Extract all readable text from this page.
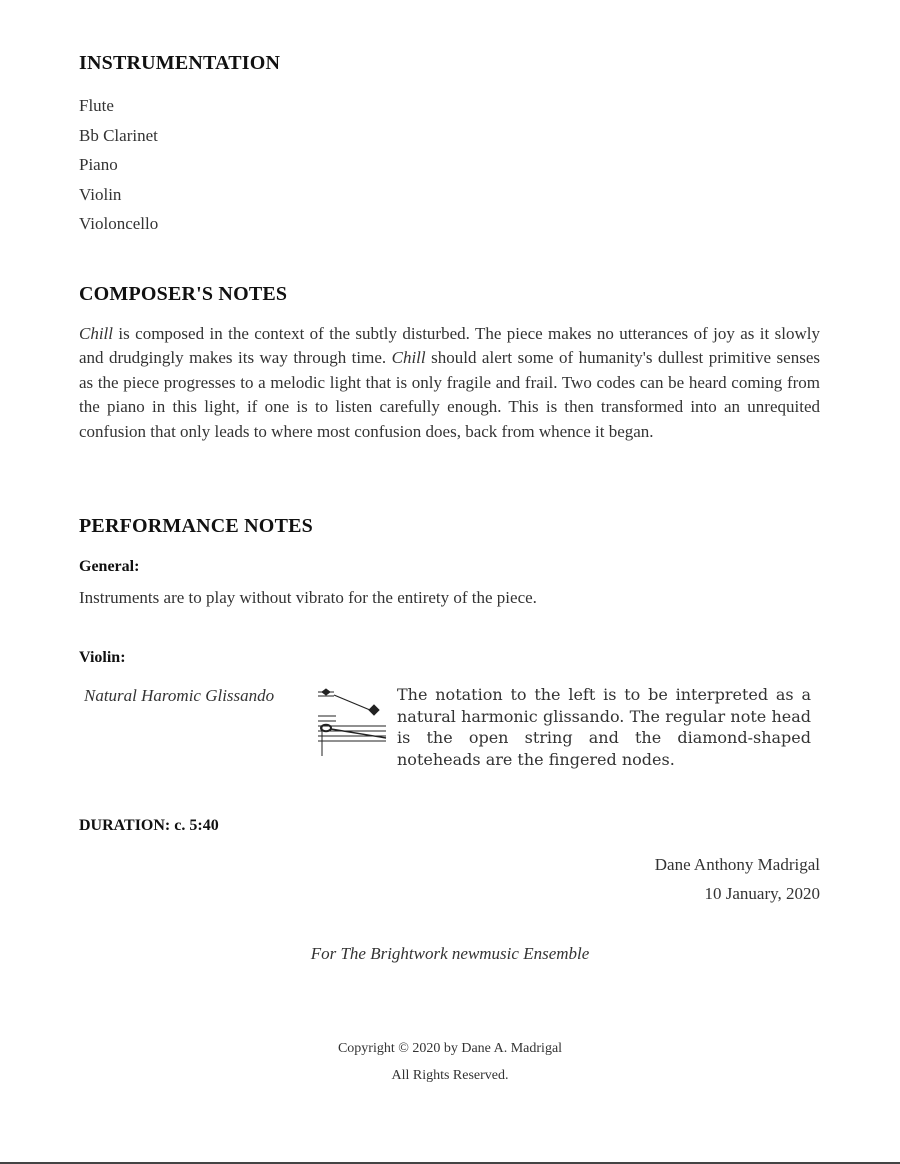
INSTRUMENTATION
Flute
Bb Clarinet
Piano
Violin
Violoncello
COMPOSER'S NOTES

Chill is composed in the context of the subtly disturbed. The piece makes no utterances of joy as it slowly and drudgingly makes its way through time. Chill should alert some of humanity's dullest primitive senses as the piece progresses to a melodic light that is only fragile and frail. Two codes can be heard coming from the piano in this light, if one is to listen carefully enough. This is then transformed into an unrequited confusion that only leads to where most confusion does, back from whence it began.

PERFORMANCE NOTES
General:

Instruments are to play without vibrato for the entirety of the piece.

Violin:
Natural Haromic Glissando	The notation to the left is to be interpreted as a natural harmonic glissando. The regular note head is the open string and the diamond-shaped noteheads are the fingered nodes.

DURATION: c. 5:40

Dane Anthony Madrigal

10 January, 2020

For The Brightwork newmusic Ensemble

Copyright © 2020 by Dane A. Madrigal

All Rights Reserved.
